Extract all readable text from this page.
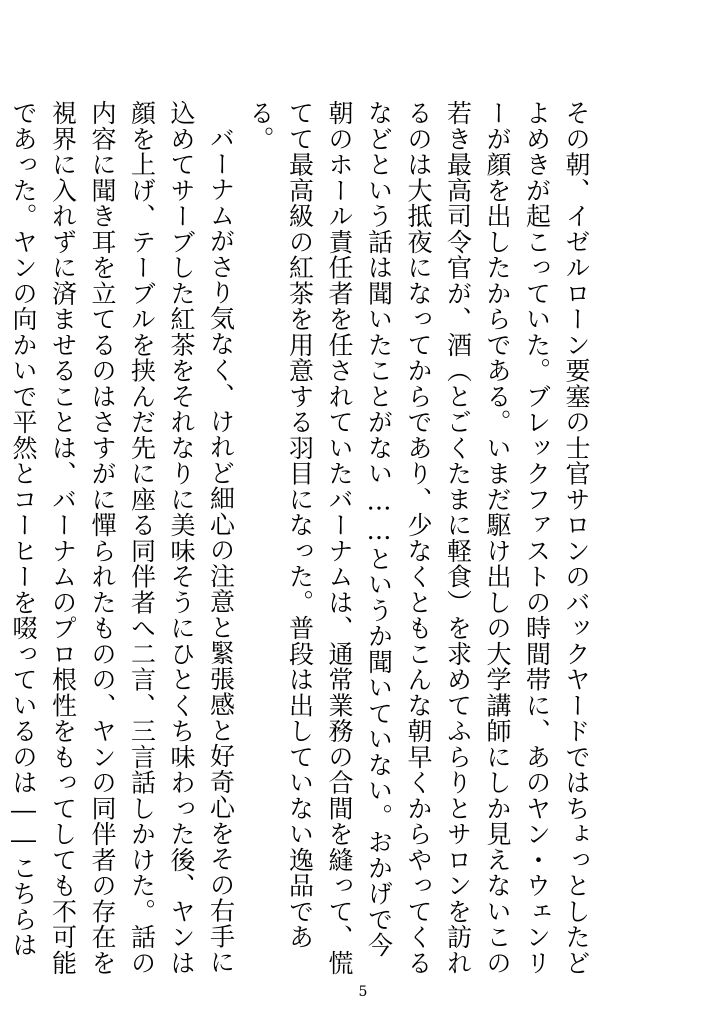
その朝、イゼルローン要塞の士官サロンのバックヤードではちょっとしたどよめきが起こっていた。ブレックファストの時間帯に、あのヤン・ウェンリーが顔を出したからである。いまだ駆け出しの大学講師にしか見えないこの若き最高司令官が、酒（とごくたまに軽食）を求めてふらりとサロンを訪れるのは大抵夜になってからであり、少なくともこんな朝早くからやってくるなどという話は聞いたことがない……というか聞いていない。おかげで今朝のホール責任者を任されていたバーナムは、通常業務の合間を縫って、慌てて最高級の紅茶を用意する羽目になった。普段は出していない逸品である。

バーナムがさり気なく、けれど細心の注意と緊張感と好奇心をその右手に込めてサーブした紅茶をそれなりに美味そうにひとくち味わった後、ヤンは顔を上げ、テーブルを挟んだ先に座る同伴者へ二言、三言話しかけた。話の内容に聞き耳を立てるのはさすがに憚られたものの、ヤンの同伴者の存在を視界に入れずに済ませることは、バーナムのプロ根性をもってしても不可能であった。ヤンの向かいで平然とコーヒーを啜っているのは――こちらは

5
